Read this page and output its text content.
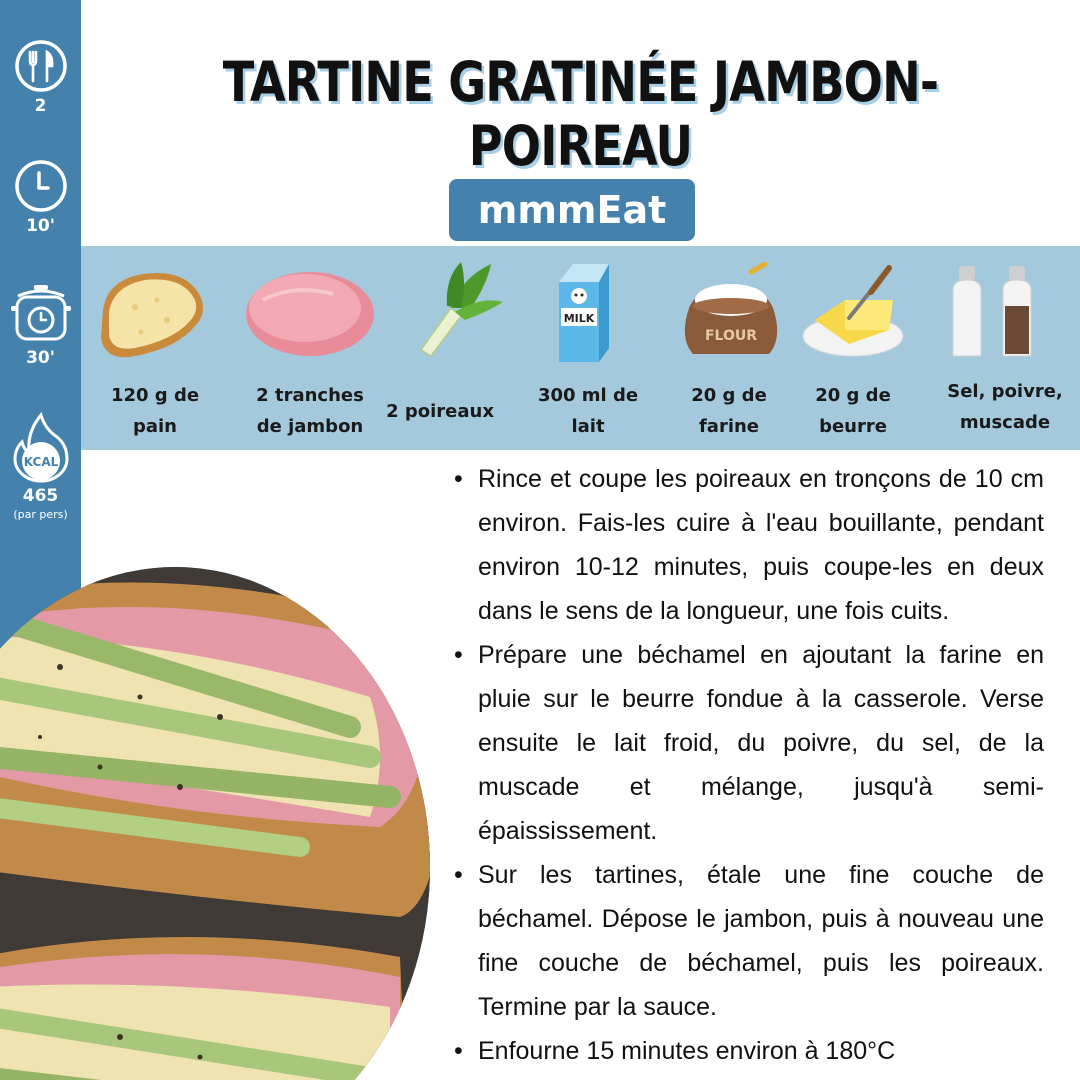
2
10'
30'
KCAL
465
(par pers)
TARTINE GRATINÉE JAMBON-POIREAU
mmmEat
MILK
FLOUR
120 g de pain
2 tranches de jambon
2 poireaux
300 ml de lait
20 g de farine
20 g de beurre
Sel, poivre, muscade

• Rince et coupe les poireaux en tronçons de 10 cm environ. Fais-les cuire à l'eau bouillante, pendant environ 10-12 minutes, puis coupe-les en deux dans le sens de la longueur, une fois cuits.

• Prépare une béchamel en ajoutant la farine en pluie sur le beurre fondue à la casserole. Verse ensuite le lait froid, du poivre, du sel, de la muscade et mélange, jusqu'à semi-épaississement.

• Sur les tartines, étale une fine couche de béchamel. Dépose le jambon, puis à nouveau une fine couche de béchamel, puis les poireaux. Termine par la sauce.

• Enfourne 15 minutes environ à 180°C
